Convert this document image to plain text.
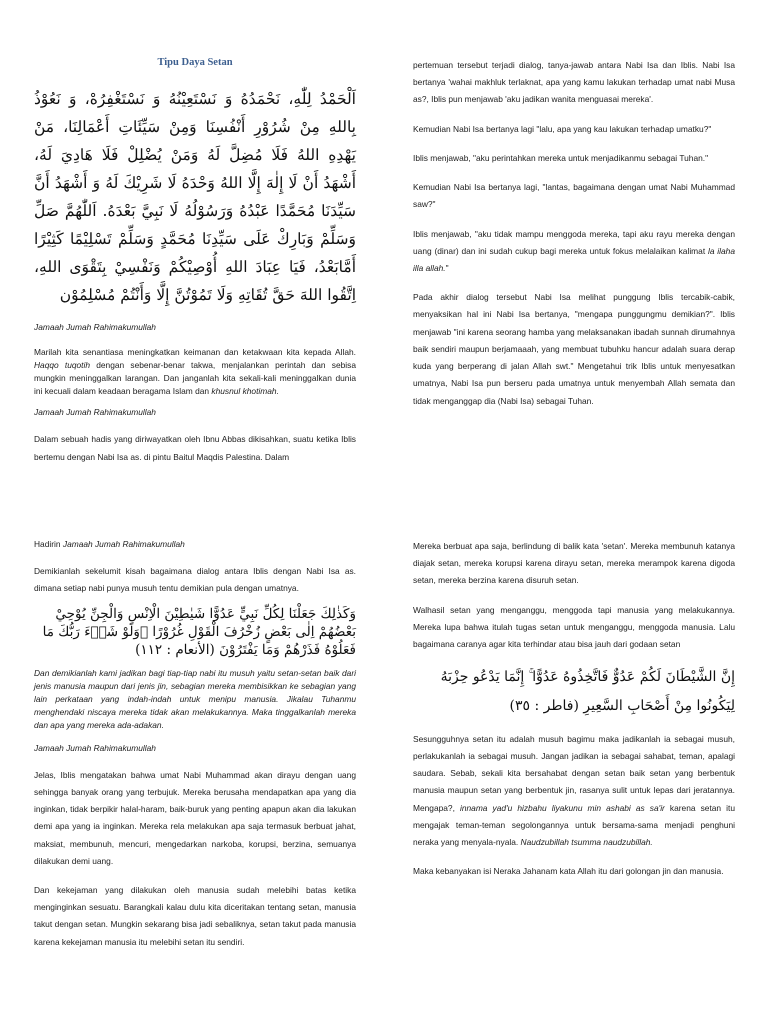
Tipu Daya Setan

اَلْحَمْدُ لِلّٰهِ، نَحْمَدُهُ وَ نَسْتَعِيْنُهُ وَ نَسْتَغْفِرُهْ، وَ نَعُوْذُ بِاللهِ مِنْ شُرُوْرِ أَنْفُسِنَا وَمِنْ سَيِّئَاتِ أَعْمَالِنَا، مَنْ يَهْدِهِ اللهُ فَلَا مُضِلَّ لَهُ وَمَنْ يُضْلِلْ فَلَا هَادِيَ لَهُ، أَشْهَدُ أَنْ لَا إِلٰهَ إِلَّا اللهُ وَحْدَهُ لَا شَرِيْكَ لَهُ وَ أَشْهَدُ أَنَّ سَيِّدَنَا مُحَمَّدًا عَبْدُهُ وَرَسُوْلُهُ لَا نَبِيَّ بَعْدَهُ. اَللّٰهُمَّ صَلِّ وَسَلِّمْ وَبَارِكْ عَلَى سَيِّدِنَا مُحَمَّدٍ وَسَلِّمْ تَسْلِيْمًا كَثِيْرًا أَمَّابَعْدُ، فَيَا عِبَادَ اللهِ أُوْصِيْكُمْ وَنَفْسِيْ بِتَقْوَى اللهِ، اِتَّقُوا اللهَ حَقَّ تُقَاتِهِ وَلَا تَمُوْتُنَّ إِلَّا وَأَنْتُمْ مُسْلِمُوْن

Jamaah Jumah Rahimakumullah

Marilah kita senantiasa meningkatkan keimanan dan ketakwaan kita kepada Allah. Haqqo tuqotih dengan sebenar-benar takwa, menjalankan perintah dan sebisa mungkin meninggalkan larangan. Dan janganlah kita sekali-kali meninggalkan dunia ini kecuali dalam keadaan beragama Islam dan khusnul khotimah.

Jamaah Jumah Rahimakumullah

Dalam sebuah hadis yang diriwayatkan oleh Ibnu Abbas dikisahkan, suatu ketika Iblis bertemu dengan Nabi Isa as. di pintu Baitul Maqdis Palestina. Dalam

pertemuan tersebut terjadi dialog, tanya-jawab antara Nabi Isa dan Iblis. Nabi Isa bertanya 'wahai makhluk terlaknat, apa yang kamu lakukan terhadap umat nabi Musa as?, Iblis pun menjawab 'aku jadikan wanita menguasai mereka'.

Kemudian Nabi Isa bertanya lagi "lalu, apa yang kau lakukan terhadap umatku?"

Iblis menjawab, "aku perintahkan mereka untuk menjadikanmu sebagai Tuhan."

Kemudian Nabi Isa bertanya lagi, "lantas, bagaimana dengan umat Nabi Muhammad saw?"

Iblis menjawab, "aku tidak mampu menggoda mereka, tapi aku rayu mereka dengan uang (dinar) dan ini sudah cukup bagi mereka untuk fokus melalaikan kalimat la ilaha illa allah."

Pada akhir dialog tersebut Nabi Isa melihat punggung Iblis tercabik-cabik, menyaksikan hal ini Nabi Isa bertanya, "mengapa punggungmu demikian?". Iblis menjawab "ini karena seorang hamba yang melaksanakan ibadah sunnah dirumahnya baik sendiri maupun berjamaaah, yang membuat tubuhku hancur adalah suara derap kuda yang berperang di jalan Allah swt." Mengetahui trik Iblis untuk menyesatkan umatnya, Nabi Isa pun berseru pada umatnya untuk menyembah Allah semata dan tidak menganggap dia (Nabi Isa) sebagai Tuhan.

Hadirin Jamaah Jumah Rahimakumullah

Demikianlah sekelumit kisah bagaimana dialog antara Iblis dengan Nabi Isa as. dimana setiap nabi punya musuh tentu demikian pula dengan umatnya.

وَكَذٰلِكَ جَعَلْنَا لِكُلِّ نَبِيٍّ عَدُوًّا شَيٰطِيْنَ الْاِنْسِ وَالْجِنِّ يُوْحِيْ بَعْضُهُمْ اِلٰى بَعْضٍ زُخْرُفَ الْقَوْلِ غُرُوْرًا ۗوَلَوْ شَاۤءَ رَبُّكَ مَا فَعَلُوْهُ فَذَرْهُمْ وَمَا يَفْتَرُوْنَ (الأنعام : ١١٢)

Dan demikianlah kami jadikan bagi tiap-tiap nabi itu musuh yaitu setan-setan baik dari jenis manusia maupun dari jenis jin, sebagian mereka membisikkan ke sebagian yang lain perkataan yang indah-indah untuk menipu manusia. Jikalau Tuhanmu menghendaki niscaya mereka tidak akan melakukannya. Maka tinggalkanlah mereka dan apa yang mereka ada-adakan.

Jamaah Jumah Rahimakumullah

Jelas, Iblis mengatakan bahwa umat Nabi Muhammad akan dirayu dengan uang sehingga banyak orang yang terbujuk. Mereka berusaha mendapatkan apa yang dia inginkan, tidak berpikir halal-haram, baik-buruk yang penting apapun akan dia lakukan demi apa yang ia inginkan. Mereka rela melakukan apa saja termasuk berbuat jahat, maksiat, membunuh, mencuri, mengedarkan narkoba, korupsi, berzina, semuanya dilakukan demi uang.

Dan kekejaman yang dilakukan oleh manusia sudah melebihi batas ketika menginginkan sesuatu. Barangkali kalau dulu kita diceritakan tentang setan, manusia takut dengan setan. Mungkin sekarang bisa jadi sebaliknya, setan takut pada manusia karena kekejaman manusia itu melebihi setan itu sendiri.

Mereka berbuat apa saja, berlindung di balik kata 'setan'. Mereka membunuh katanya diajak setan, mereka korupsi karena dirayu setan, mereka merampok karena digoda setan, mereka berzina karena disuruh setan.

Walhasil setan yang menganggu, menggoda tapi manusia yang melakukannya. Mereka lupa bahwa itulah tugas setan untuk menganggu, menggoda manusia. Lalu bagaimana caranya agar kita terhindar atau bisa jauh dari godaan setan

إِنَّ الشَّيْطَانَ لَكُمْ عَدُوٌّ فَاتَّخِذُوهُ عَدُوًّا ۚ إِنَّمَا يَدْعُو حِزْبَهُ لِيَكُونُوا مِنْ أَصْحَابِ السَّعِيرِ (فاطر : ٣٥)

Sesungguhnya setan itu adalah musuh bagimu maka jadikanlah ia sebagai musuh, perlakukanlah ia sebagai musuh. Jangan jadikan ia sebagai sahabat, teman, apalagi saudara. Sebab, sekali kita bersahabat dengan setan baik setan yang berbentuk manusia maupun setan yang berbentuk jin, rasanya sulit untuk lepas dari jeratannya. Mengapa?, innama yad'u hizbahu liyakunu min ashabi as sa'ir karena setan itu mengajak teman-teman segolongannya untuk bersama-sama menjadi penghuni neraka yang menyala-nyala. Naudzubillah tsumma naudzubillah.

Maka kebanyakan isi Neraka Jahanam kata Allah itu dari golongan jin dan manusia.
